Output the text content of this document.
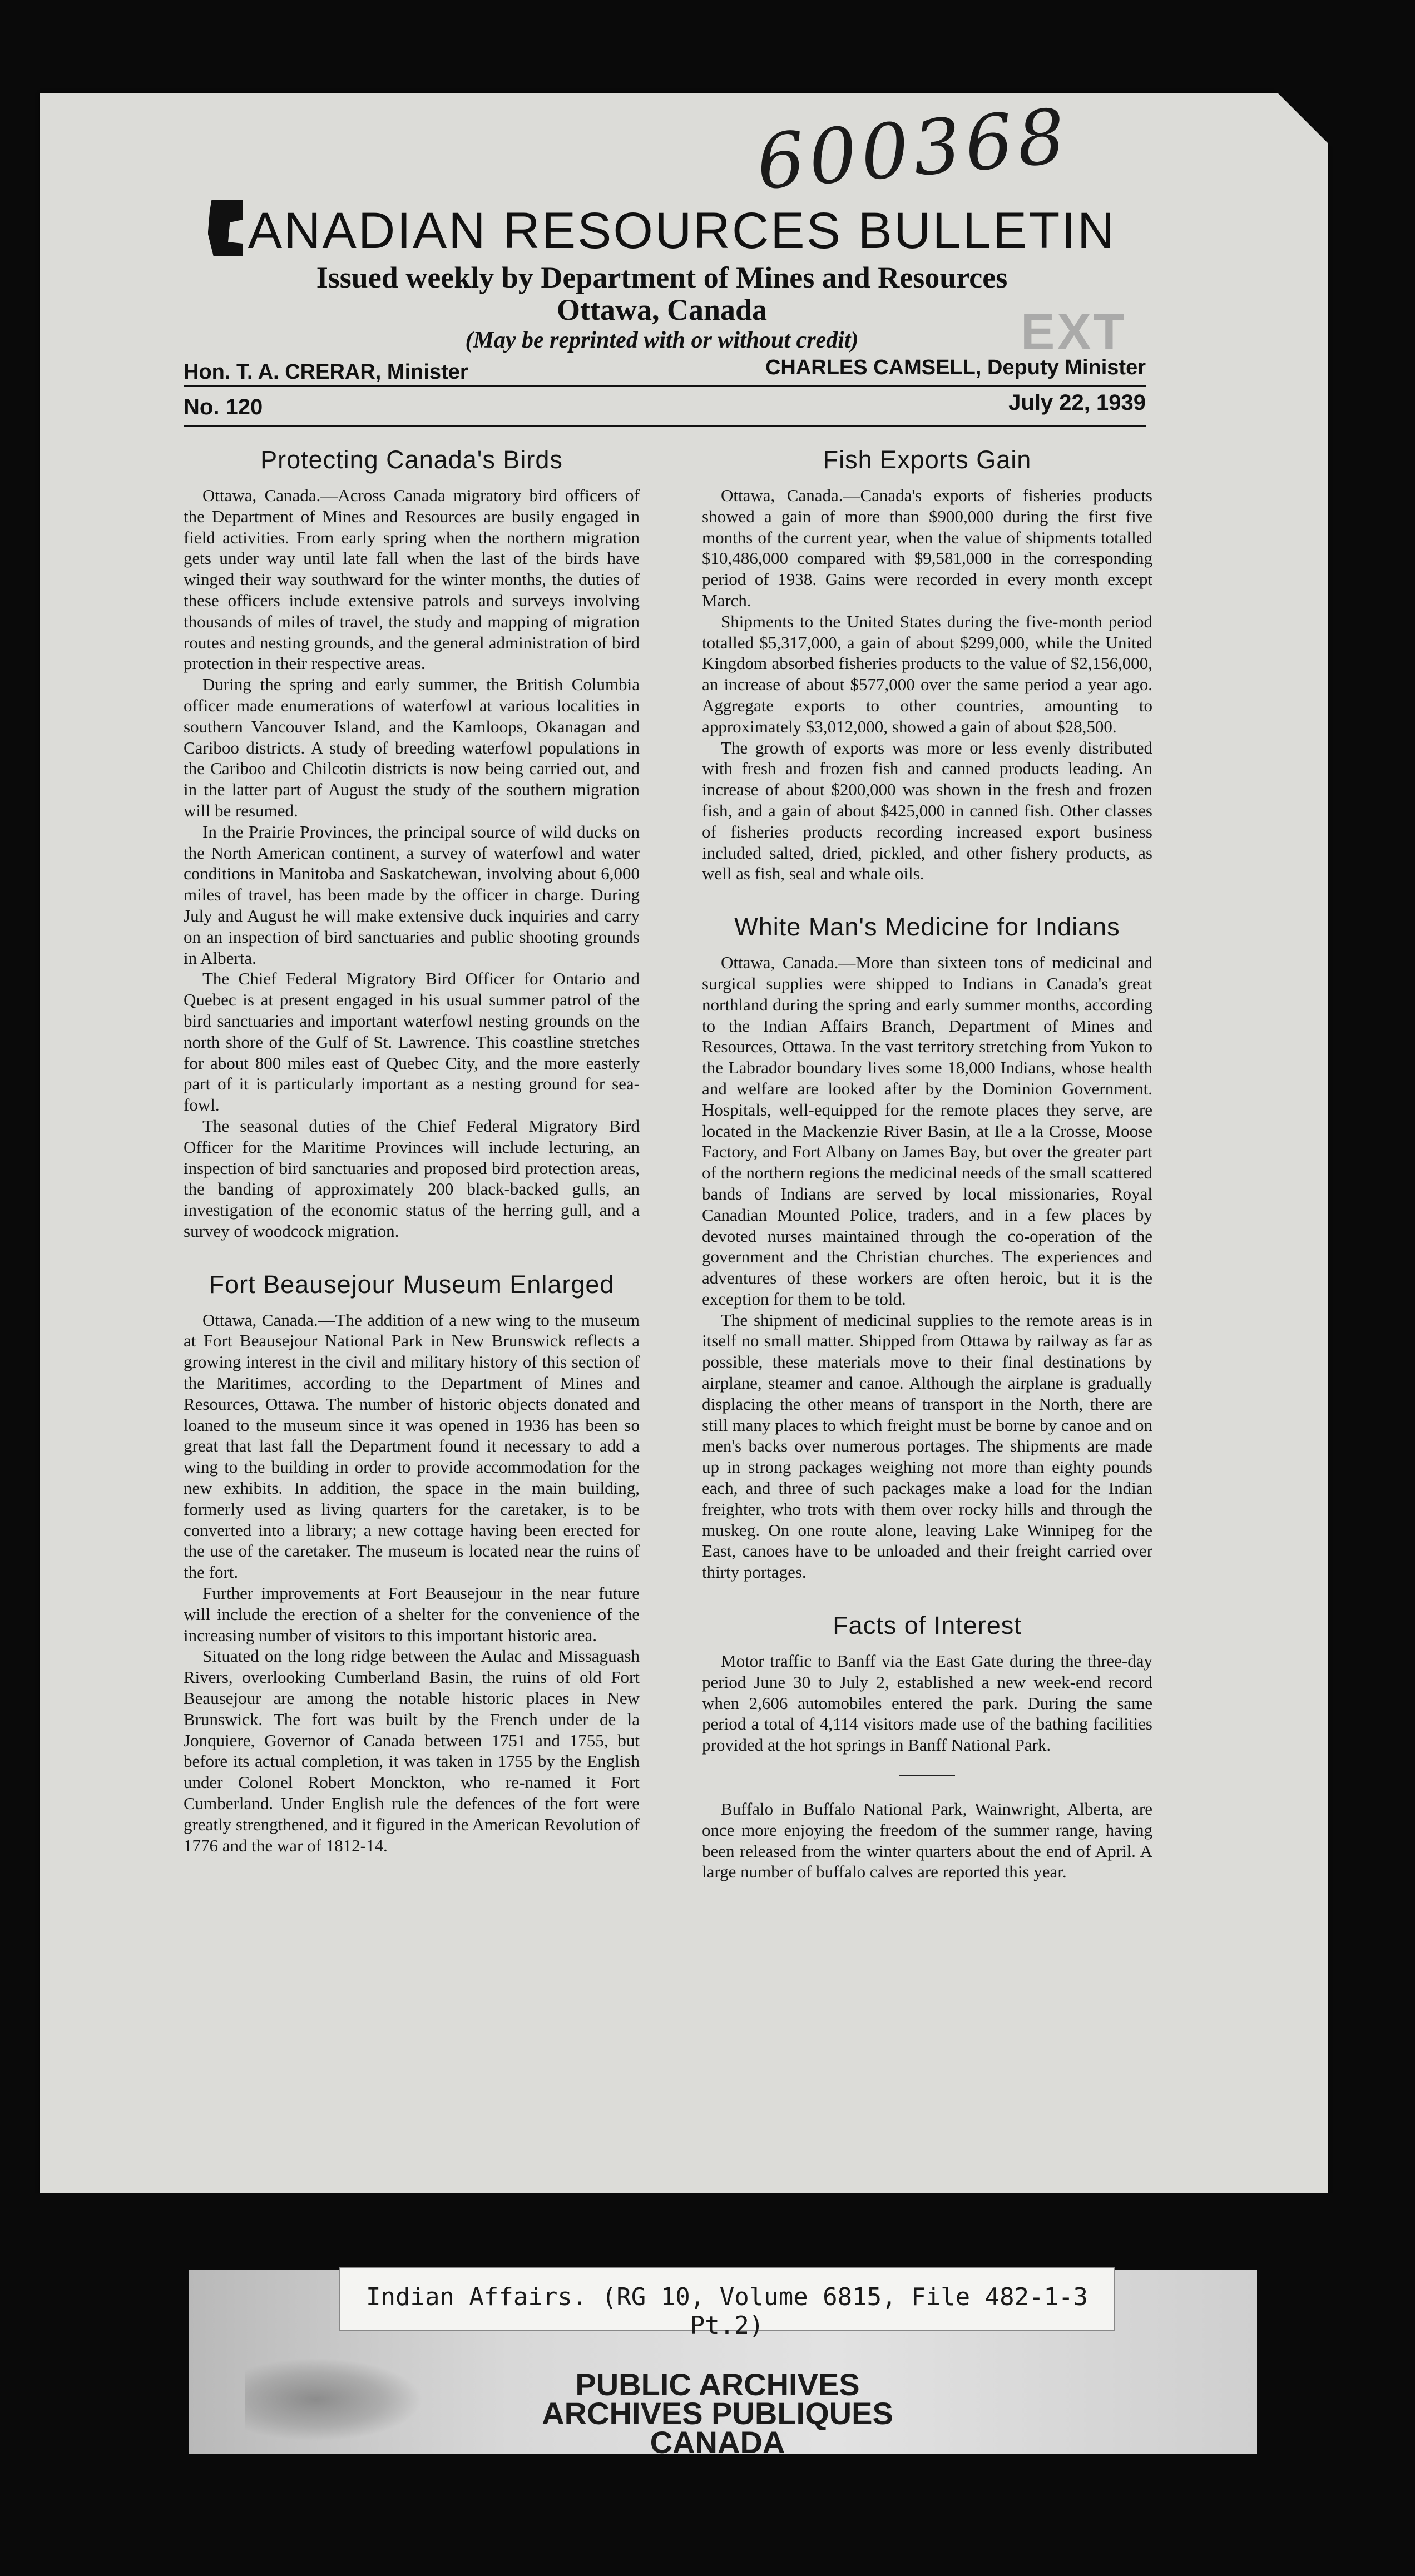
600368
EXT
ANADIAN RESOURCES BULLETIN
Issued weekly by Department of Mines and Resources
Ottawa, Canada
(May be reprinted with or without credit)
Hon. T. A. CRERAR, Minister	CHARLES CAMSELL, Deputy Minister
No. 120	July 22, 1939
Protecting Canada's Birds

Ottawa, Canada.—Across Canada migratory bird officers of the Department of Mines and Resources are busily engaged in field activities. From early spring when the northern migration gets under way until late fall when the last of the birds have winged their way southward for the winter months, the duties of these officers include extensive patrols and surveys involving thousands of miles of travel, the study and mapping of migration routes and nesting grounds, and the general administration of bird protection in their respective areas.

During the spring and early summer, the British Columbia officer made enumerations of waterfowl at various localities in southern Vancouver Island, and the Kamloops, Okanagan and Cariboo districts. A study of breeding waterfowl populations in the Cariboo and Chilcotin districts is now being carried out, and in the latter part of August the study of the southern migration will be resumed.

In the Prairie Provinces, the principal source of wild ducks on the North American continent, a survey of waterfowl and water conditions in Manitoba and Saskatchewan, involving about 6,000 miles of travel, has been made by the officer in charge. During July and August he will make extensive duck inquiries and carry on an inspection of bird sanctuaries and public shooting grounds in Alberta.

The Chief Federal Migratory Bird Officer for Ontario and Quebec is at present engaged in his usual summer patrol of the bird sanctuaries and important waterfowl nesting grounds on the north shore of the Gulf of St. Lawrence. This coastline stretches for about 800 miles east of Quebec City, and the more easterly part of it is particularly important as a nesting ground for sea-fowl.

The seasonal duties of the Chief Federal Migratory Bird Officer for the Maritime Provinces will include lecturing, an inspection of bird sanctuaries and proposed bird protection areas, the banding of approximately 200 black-backed gulls, an investigation of the economic status of the herring gull, and a survey of woodcock migration.

Fort Beausejour Museum Enlarged

Ottawa, Canada.—The addition of a new wing to the museum at Fort Beausejour National Park in New Brunswick reflects a growing interest in the civil and military history of this section of the Maritimes, according to the Department of Mines and Resources, Ottawa. The number of historic objects donated and loaned to the museum since it was opened in 1936 has been so great that last fall the Department found it necessary to add a wing to the building in order to provide accommodation for the new exhibits. In addition, the space in the main building, formerly used as living quarters for the caretaker, is to be converted into a library; a new cottage having been erected for the use of the caretaker. The museum is located near the ruins of the fort.

Further improvements at Fort Beausejour in the near future will include the erection of a shelter for the convenience of the increasing number of visitors to this important historic area.

Situated on the long ridge between the Aulac and Missaguash Rivers, overlooking Cumberland Basin, the ruins of old Fort Beausejour are among the notable historic places in New Brunswick. The fort was built by the French under de la Jonquiere, Governor of Canada between 1751 and 1755, but before its actual completion, it was taken in 1755 by the English under Colonel Robert Monckton, who re-named it Fort Cumberland. Under English rule the defences of the fort were greatly strengthened, and it figured in the American Revolution of 1776 and the war of 1812-14.

Fish Exports Gain

Ottawa, Canada.—Canada's exports of fisheries products showed a gain of more than $900,000 during the first five months of the current year, when the value of shipments totalled $10,486,000 compared with $9,581,000 in the corresponding period of 1938. Gains were recorded in every month except March.

Shipments to the United States during the five-month period totalled $5,317,000, a gain of about $299,000, while the United Kingdom absorbed fisheries products to the value of $2,156,000, an increase of about $577,000 over the same period a year ago. Aggregate exports to other countries, amounting to approximately $3,012,000, showed a gain of about $28,500.

The growth of exports was more or less evenly distributed with fresh and frozen fish and canned products leading. An increase of about $200,000 was shown in the fresh and frozen fish, and a gain of about $425,000 in canned fish. Other classes of fisheries products recording increased export business included salted, dried, pickled, and other fishery products, as well as fish, seal and whale oils.

White Man's Medicine for Indians

Ottawa, Canada.—More than sixteen tons of medicinal and surgical supplies were shipped to Indians in Canada's great northland during the spring and early summer months, according to the Indian Affairs Branch, Department of Mines and Resources, Ottawa. In the vast territory stretching from Yukon to the Labrador boundary lives some 18,000 Indians, whose health and welfare are looked after by the Dominion Government. Hospitals, well-equipped for the remote places they serve, are located in the Mackenzie River Basin, at Ile a la Crosse, Moose Factory, and Fort Albany on James Bay, but over the greater part of the northern regions the medicinal needs of the small scattered bands of Indians are served by local missionaries, Royal Canadian Mounted Police, traders, and in a few places by devoted nurses maintained through the co-operation of the government and the Christian churches. The experiences and adventures of these workers are often heroic, but it is the exception for them to be told.

The shipment of medicinal supplies to the remote areas is in itself no small matter. Shipped from Ottawa by railway as far as possible, these materials move to their final destinations by airplane, steamer and canoe. Although the airplane is gradually displacing the other means of transport in the North, there are still many places to which freight must be borne by canoe and on men's backs over numerous portages. The shipments are made up in strong packages weighing not more than eighty pounds each, and three of such packages make a load for the Indian freighter, who trots with them over rocky hills and through the muskeg. On one route alone, leaving Lake Winnipeg for the East, canoes have to be unloaded and their freight carried over thirty portages.

Facts of Interest

Motor traffic to Banff via the East Gate during the three-day period June 30 to July 2, established a new week-end record when 2,606 automobiles entered the park. During the same period a total of 4,114 visitors made use of the bathing facilities provided at the hot springs in Banff National Park.

Buffalo in Buffalo National Park, Wainwright, Alberta, are once more enjoying the freedom of the summer range, having been released from the winter quarters about the end of April. A large number of buffalo calves are reported this year.

Indian Affairs. (RG 10, Volume 6815, File 482-1-3 Pt.2)
PUBLIC ARCHIVES
ARCHIVES PUBLIQUES
CANADA
